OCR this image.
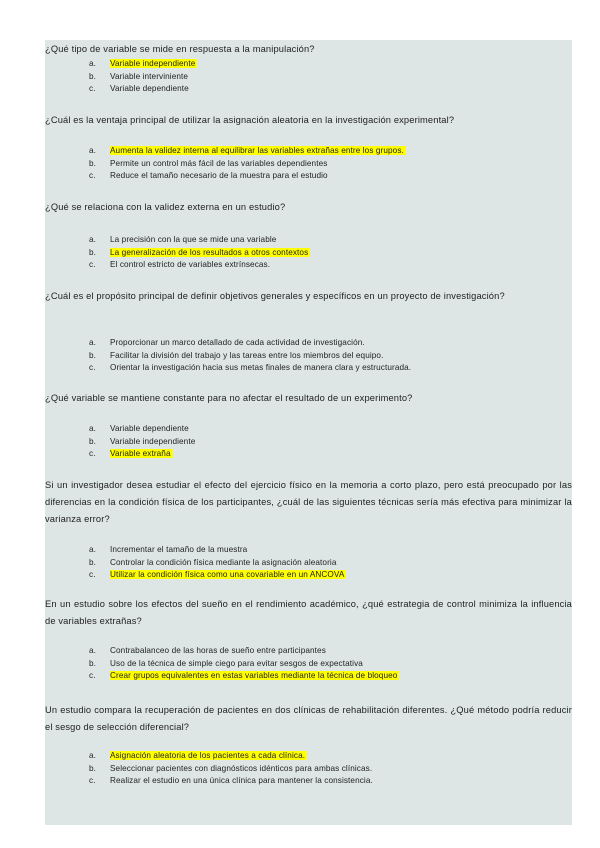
¿Qué tipo de variable se mide en respuesta a la manipulación?
a. Variable independiente
b. Variable interviniente
c. Variable dependiente
¿Cuál es la ventaja principal de utilizar la asignación aleatoria en la investigación experimental?
a. Aumenta la validez interna al equilibrar las variables extrañas entre los grupos.
b. Permite un control más fácil de las variables dependientes
c. Reduce el tamaño necesario de la muestra para el estudio
¿Qué se relaciona con la validez externa en un estudio?
a. La precisión con la que se mide una variable
b. La generalización de los resultados a otros contextos
c. El control estricto de variables extrínsecas.
¿Cuál es el propósito principal de definir objetivos generales y específicos en un proyecto de investigación?
a. Proporcionar un marco detallado de cada actividad de investigación.
b. Facilitar la división del trabajo y las tareas entre los miembros del equipo.
c. Orientar la investigación hacia sus metas finales de manera clara y estructurada.
¿Qué variable se mantiene constante para no afectar el resultado de un experimento?
a. Variable dependiente
b. Variable independiente
c. Variable extraña
Si un investigador desea estudiar el efecto del ejercicio físico en la memoria a corto plazo, pero está preocupado por las diferencias en la condición física de los participantes, ¿cuál de las siguientes técnicas sería más efectiva para minimizar la varianza error?
a. Incrementar el tamaño de la muestra
b. Controlar la condición física mediante la asignación aleatoria
c. Utilizar la condición física como una covariable en un ANCOVA
En un estudio sobre los efectos del sueño en el rendimiento académico, ¿qué estrategia de control minimiza la influencia de variables extrañas?
a. Contrabalanceo de las horas de sueño entre participantes
b. Uso de la técnica de simple ciego para evitar sesgos de expectativa
c. Crear grupos equivalentes en estas variables mediante la técnica de bloqueo
Un estudio compara la recuperación de pacientes en dos clínicas de rehabilitación diferentes. ¿Qué método podría reducir el sesgo de selección diferencial?
a. Asignación aleatoria de los pacientes a cada clínica.
b. Seleccionar pacientes con diagnósticos idénticos para ambas clínicas.
c. Realizar el estudio en una única clínica para mantener la consistencia.
